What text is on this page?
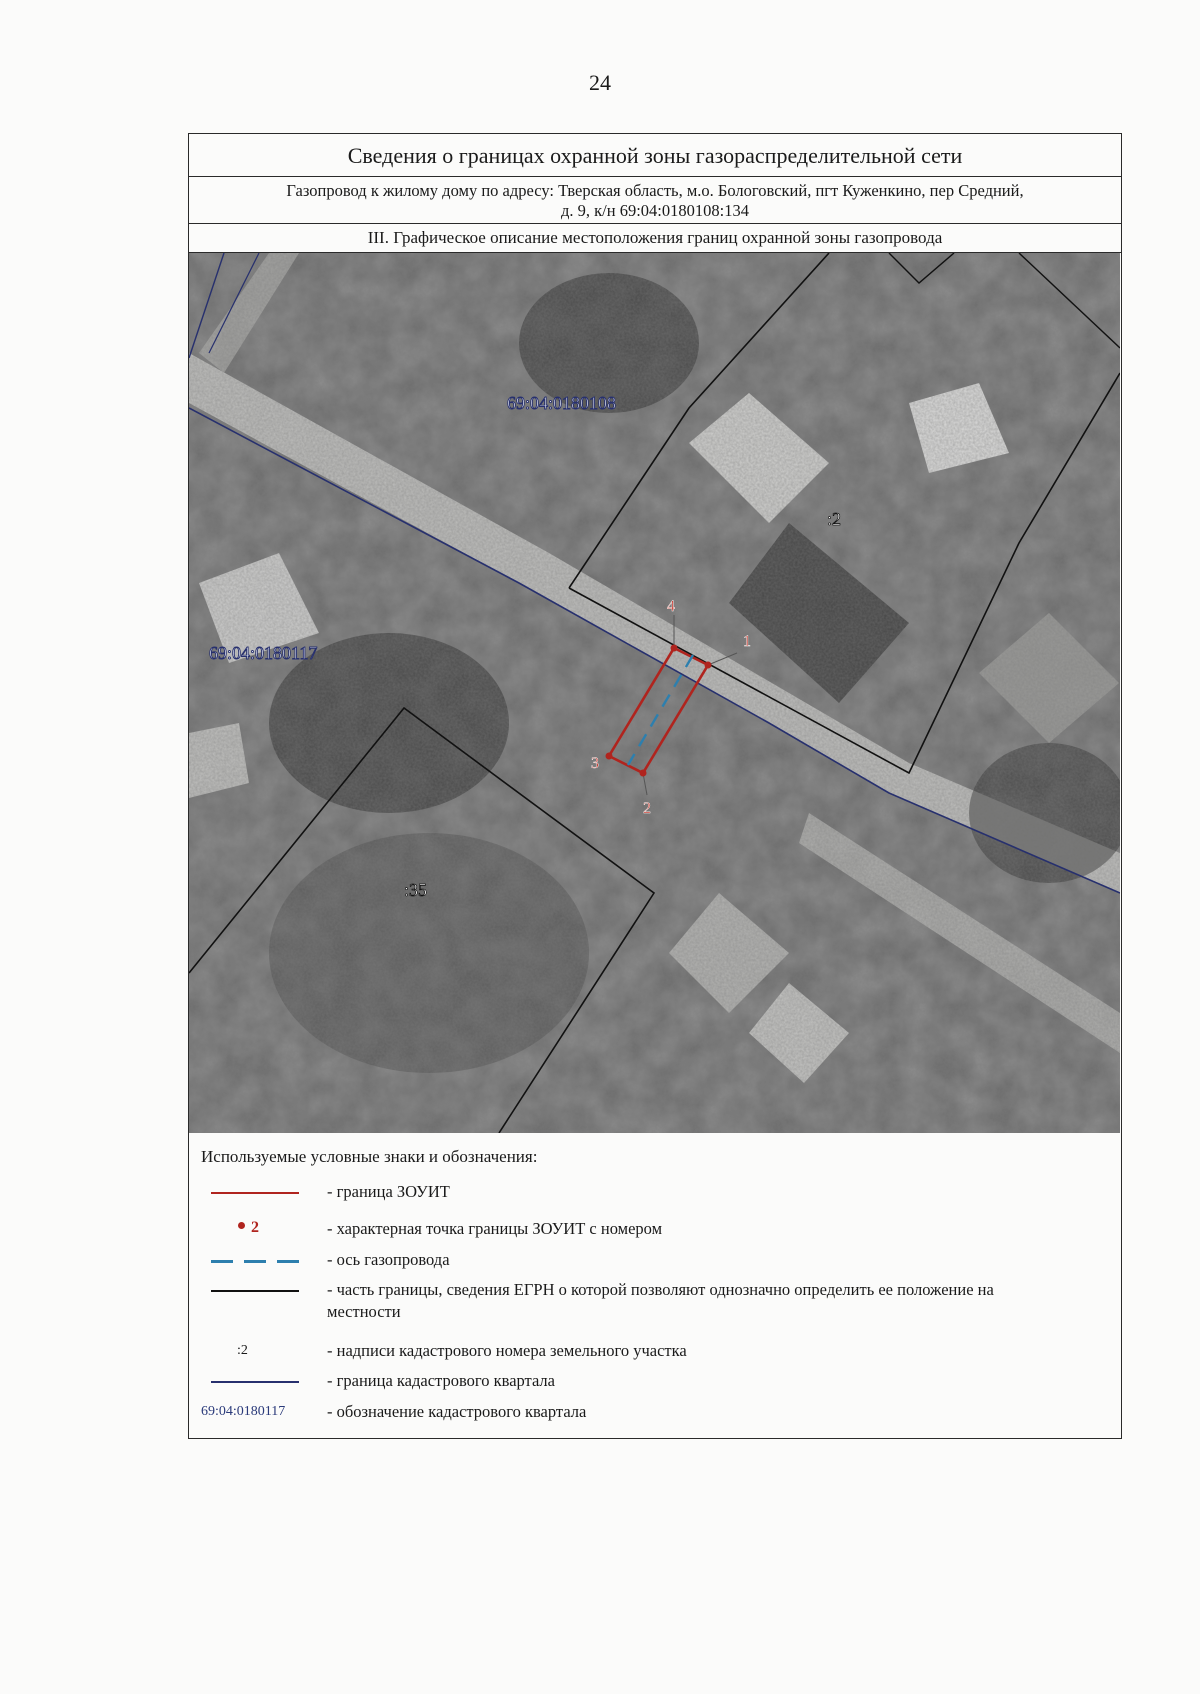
24
Сведения о границах охранной зоны газораспределительной сети
Газопровод к жилому дому по адресу: Тверская область, м.о. Бологовский, пгт Куженкино, пер Средний,
д. 9, к/н 69:04:0180108:134
III. Графическое описание местоположения границ охранной зоны газопровода
1
2
3
4
69:04:0180108
69:04:0180117
:2
:35
Используемые условные знаки и обозначения:
- граница ЗОУИТ
2	- характерная точка границы ЗОУИТ с номером
- ось газопровода
- часть границы, сведения ЕГРН о которой позволяют однозначно определить ее положение на местности
:2	- надписи кадастрового номера земельного участка
- граница кадастрового квартала
69:04:0180117	- обозначение кадастрового квартала
